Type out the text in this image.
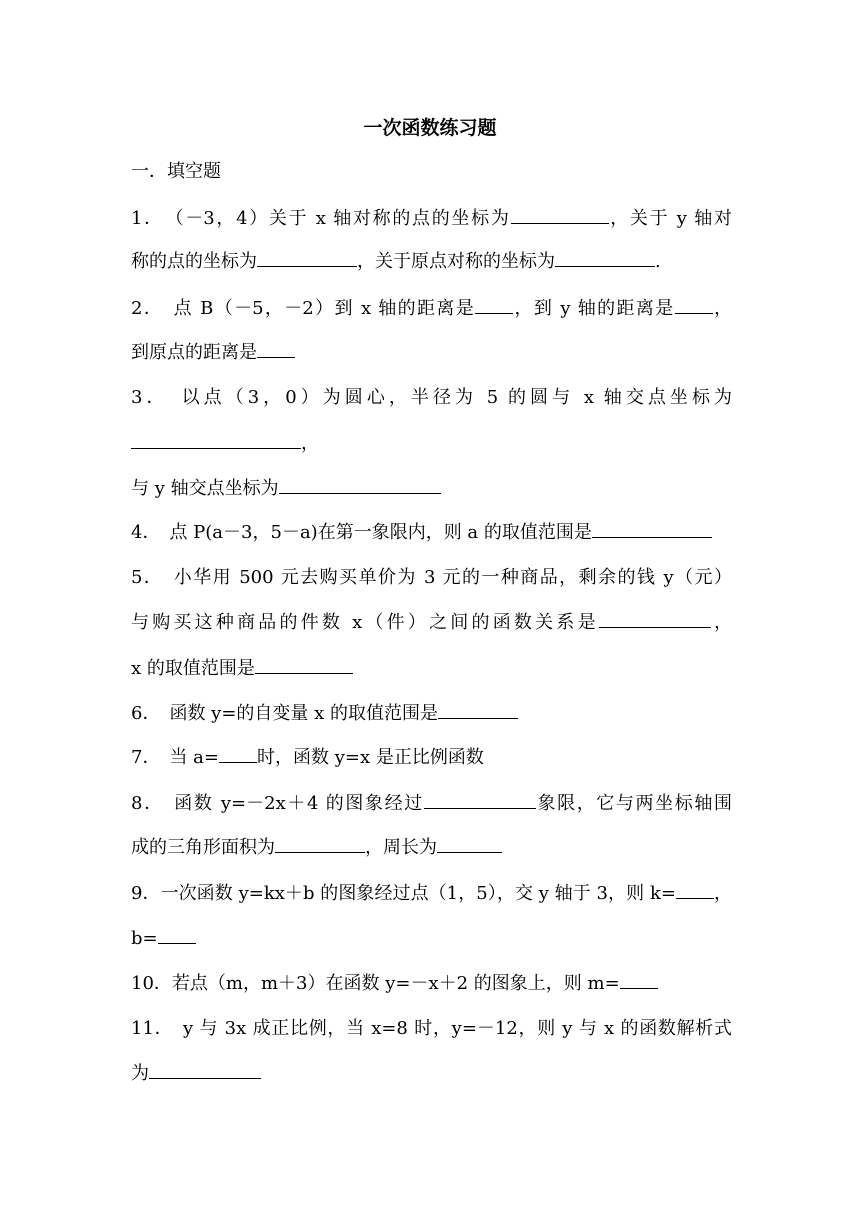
一次函数练习题
一．填空题
1．　（－3，4）关于 x 轴对称的点的坐标为	，关于 y 轴对
称的点的坐标为	，关于原点对称的坐标为	.
2．　点 B（－5，－2）到 x 轴的距离是 ，到 y 轴的距离是 ，
到原点的距离是
3．　以点（3，0）为圆心，半径为 5 的圆与 x 轴交点坐标为
，
与 y 轴交点坐标为
4．　点 P(a－3，5－a)在第一象限内，则 a 的取值范围是
5．　小华用 500 元去购买单价为 3 元的一种商品，剩余的钱 y（元）
与购买这种商品的件数 x（件）之间的函数关系是	，
x 的取值范围是
6．　函数 y=的自变量 x 的取值范围是
7．　当 a= 时，函数 y=x 是正比例函数
8．　函数 y=－2x＋4 的图象经过	象限，它与两坐标轴围
成的三角形面积为	，周长为
9．一次函数 y=kx＋b 的图象经过点（1，5），交 y 轴于 3，则 k= ，
b=
10．若点（m，m＋3）在函数 y=－x＋2 的图象上，则 m=
11．　y 与 3x 成正比例，当 x=8 时，y=－12，则 y 与 x 的函数解析式
为
